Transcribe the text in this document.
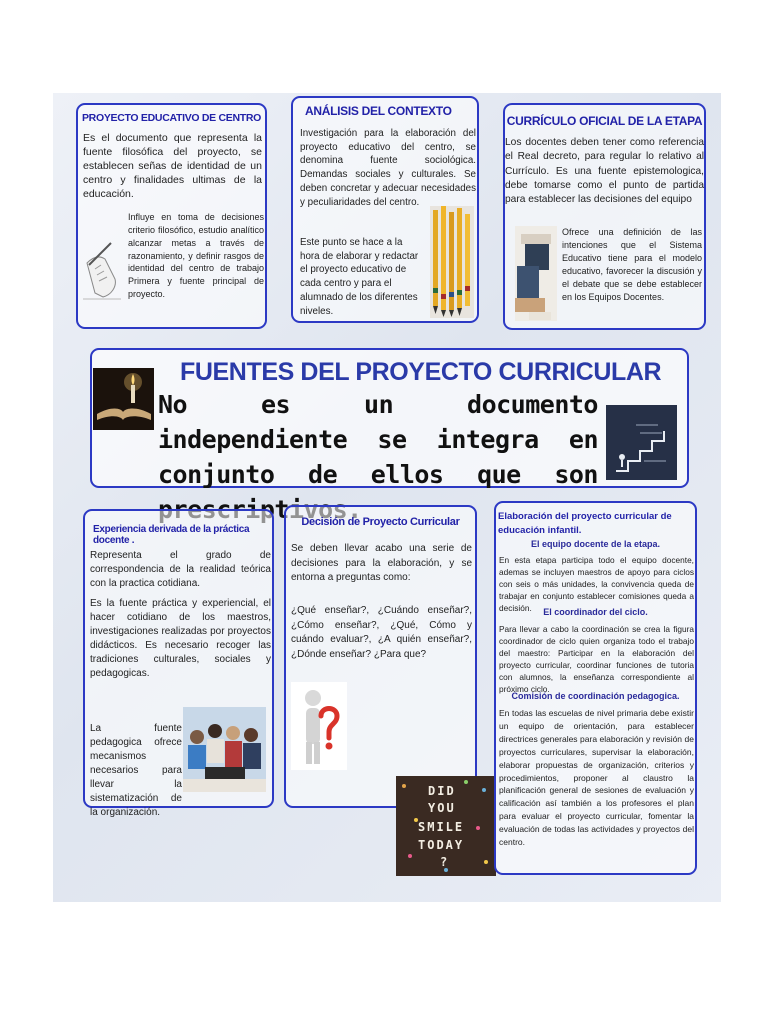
PROYECTO EDUCATIVO DE CENTRO
Es el documento que representa la fuente filosófica del proyecto, se establecen señas de identidad de un centro y finalidades ultimas de la educación.
Influye en toma de decisiones criterio filosófico, estudio analítico alcanzar metas a través de razonamiento, y definir rasgos de identidad del centro de trabajo Primera y fuente principal de proyecto.
ANÁLISIS DEL CONTEXTO
Investigación para la elaboración del proyecto educativo del centro, se denomina fuente sociológica. Demandas sociales y culturales. Se deben concretar y adecuar necesidades y peculiaridades del centro.
Este punto se hace a la hora de elaborar y redactar el proyecto educativo de cada centro y para el alumnado de los diferentes niveles.
CURRÍCULO OFICIAL DE LA ETAPA
Los docentes deben tener como referencia el Real decreto, para regular lo relativo al Currículo. Es una fuente epistemologica, debe tomarse como el punto de partida para establecer las decisiones del equipo
Ofrece una definición de las intenciones que el Sistema Educativo tiene para el modelo educativo, favorecer la discusión y el debate que se debe establecer en los Equipos Docentes.
FUENTES DEL PROYECTO CURRICULAR
No es un documento independiente se integra en conjunto de ellos que son
Experiencia derivada de la práctica docente .
Representa el grado de correspondencia de la realidad teórica con la practica cotidiana.
Es la fuente práctica y experiencial, el hacer cotidiano de los maestros, investigaciones realizadas por proyectos didácticos. Es necesario recoger las tradiciones culturales, sociales y pedagogicas.
La fuente pedagogica ofrece mecanismos necesarios para llevar la sistematización de la organización.
Decisión de Proyecto Curricular
Se deben llevar acabo una serie de decisiones para la elaboración, y se entorna a preguntas como:
¿Qué enseñar?, ¿Cuándo enseñar?, ¿Cómo enseñar?, ¿Qué, Cómo y cuándo evaluar?, ¿A quién enseñar?, ¿Dónde enseñar? ¿Para que?
DID
YOU
SMILE
TODAY
?
Elaboración del proyecto curricular de educación infantil.
El equipo docente de la etapa.
En esta etapa participa todo el equipo docente, ademas se incluyen maestros de apoyo para ciclos con seis o más unidades, la convivencia queda de trabajar en conjunto establecer comisiones queda a decisión.	El coordinador del ciclo.
Para llevar a cabo la coordinación se crea la figura coordinador de ciclo quien organiza todo el trabajo del maestro: Participar en la elaboración del proyecto curricular, coordinar funciones de tutoria con alumnos, la enseñanza correspondiente al próximo ciclo.
Comisión de coordinación pedagogica.
En todas las escuelas de nivel primaria debe existir un equipo de orientación, para establecer directrices generales para elaboración y revisión de proyectos curriculares, supervisar la elaboración, elaborar propuestas de organización, criterios y procedimientos, proponer al claustro la planificación general de sesiones de evaluación y calificación así también a los profesores el plan para evaluar el proyecto curricular, fomentar la evaluación de todas las actividades y proyectos del centro.
